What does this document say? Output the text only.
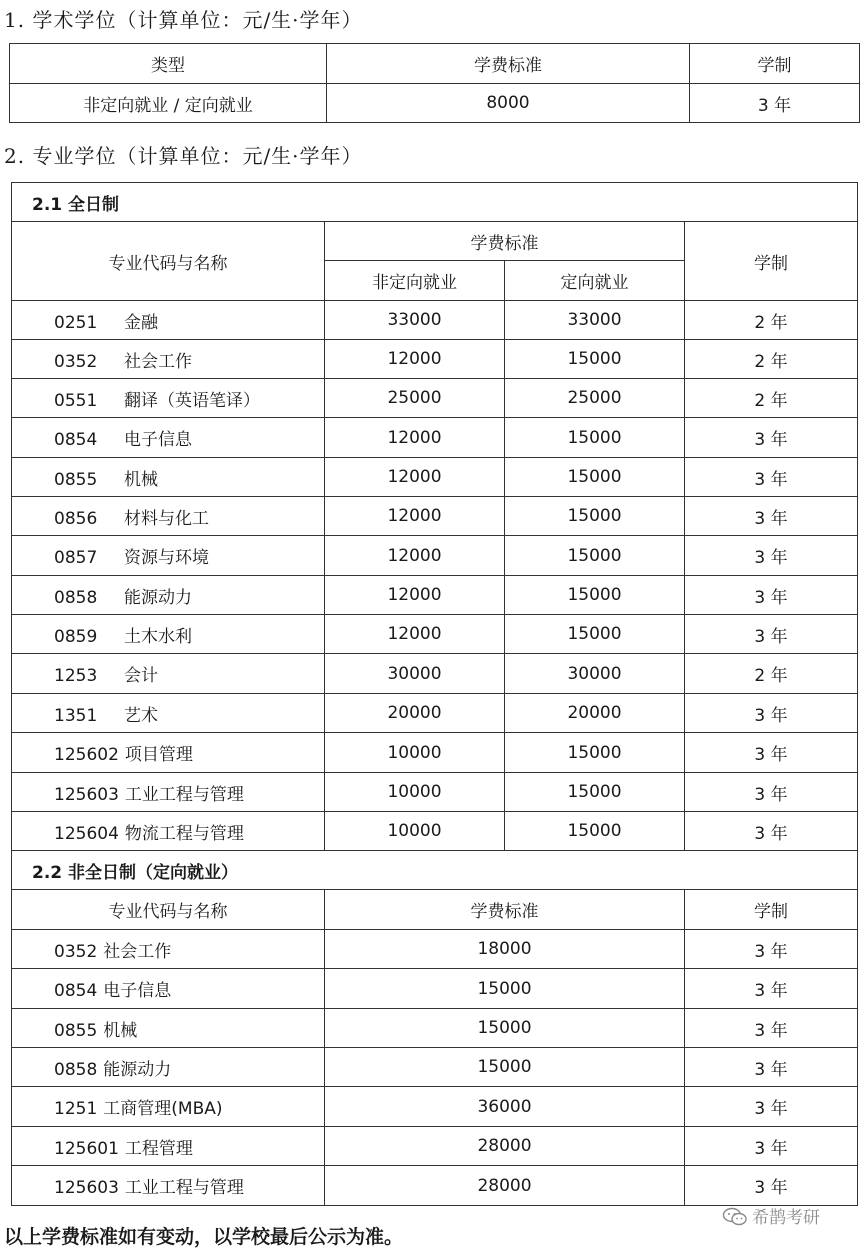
1. 学术学位（计算单位：元/生·学年）
类型	学费标准	学制
非定向就业 / 定向就业	8000	3 年
2. 专业学位（计算单位：元/生·学年）
2.1 全日制			
专业代码与名称	学费标准		学制
	非定向就业	定向就业	
0251 金融	33000	33000	2 年
0352 社会工作	12000	15000	2 年
0551 翻译（英语笔译）	25000	25000	2 年
0854 电子信息	12000	15000	3 年
0855 机械	12000	15000	3 年
0856 材料与化工	12000	15000	3 年
0857 资源与环境	12000	15000	3 年
0858 能源动力	12000	15000	3 年
0859 土木水利	12000	15000	3 年
1253 会计	30000	30000	2 年
1351 艺术	20000	20000	3 年
125602 项目管理	10000	15000	3 年
125603 工业工程与管理	10000	15000	3 年
125604 物流工程与管理	10000	15000	3 年
2.2 非全日制（定向就业）			
专业代码与名称	学费标准		学制
0352 社会工作	18000		3 年
0854 电子信息	15000		3 年
0855 机械	15000		3 年
0858 能源动力	15000		3 年
1251 工商管理(MBA)	36000		3 年
125601 工程管理	28000		3 年
125603 工业工程与管理	28000		3 年
以上学费标准如有变动，以学校最后公示为准。
希鹊考研
